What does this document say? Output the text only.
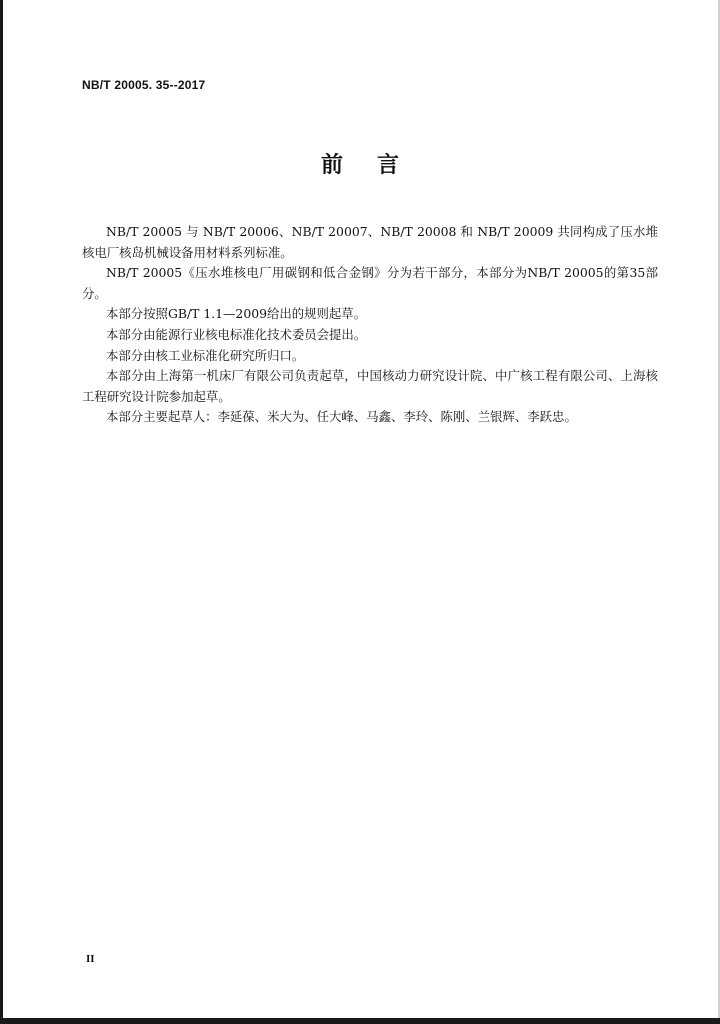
NB/T 20005. 35--2017
前言

NB/T 20005 与 NB/T 20006、NB/T 20007、NB/T 20008 和 NB/T 20009 共同构成了压水堆核电厂核岛机械设备用材料系列标准。

NB/T 20005《压水堆核电厂用碳钢和低合金钢》分为若干部分，本部分为NB/T 20005的第35部分。

本部分按照GB/T 1.1—2009给出的规则起草。

本部分由能源行业核电标准化技术委员会提出。

本部分由核工业标准化研究所归口。

本部分由上海第一机床厂有限公司负责起草，中国核动力研究设计院、中广核工程有限公司、上海核工程研究设计院参加起草。

本部分主要起草人：李延葆、米大为、任大峰、马鑫、李玲、陈刚、兰银辉、李跃忠。

II
